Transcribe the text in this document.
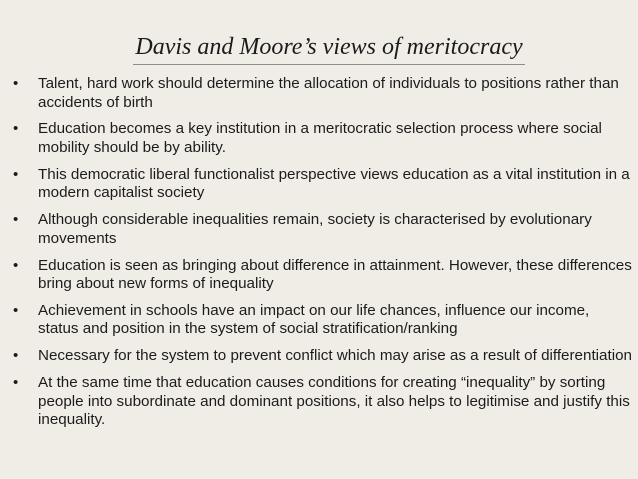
Davis and Moore’s views of meritocracy
• Talent, hard work should determine the allocation of individuals to positions rather than accidents of birth
• Education becomes a key institution in a meritocratic selection process where social mobility should be by ability.
• This democratic liberal functionalist perspective views education as a vital institution in a modern capitalist society
• Although considerable inequalities remain, society is characterised by evolutionary movements
• Education is seen as bringing about difference in attainment. However, these differences bring about new forms of inequality
• Achievement in schools have an impact on our life chances, influence our income, status and position in the system of social stratification/ranking
• Necessary for the system to prevent conflict which may arise as a result of differentiation
• At the same time that education causes conditions for creating “inequality” by sorting people into subordinate and dominant positions, it also helps to legitimise and justify this inequality.
